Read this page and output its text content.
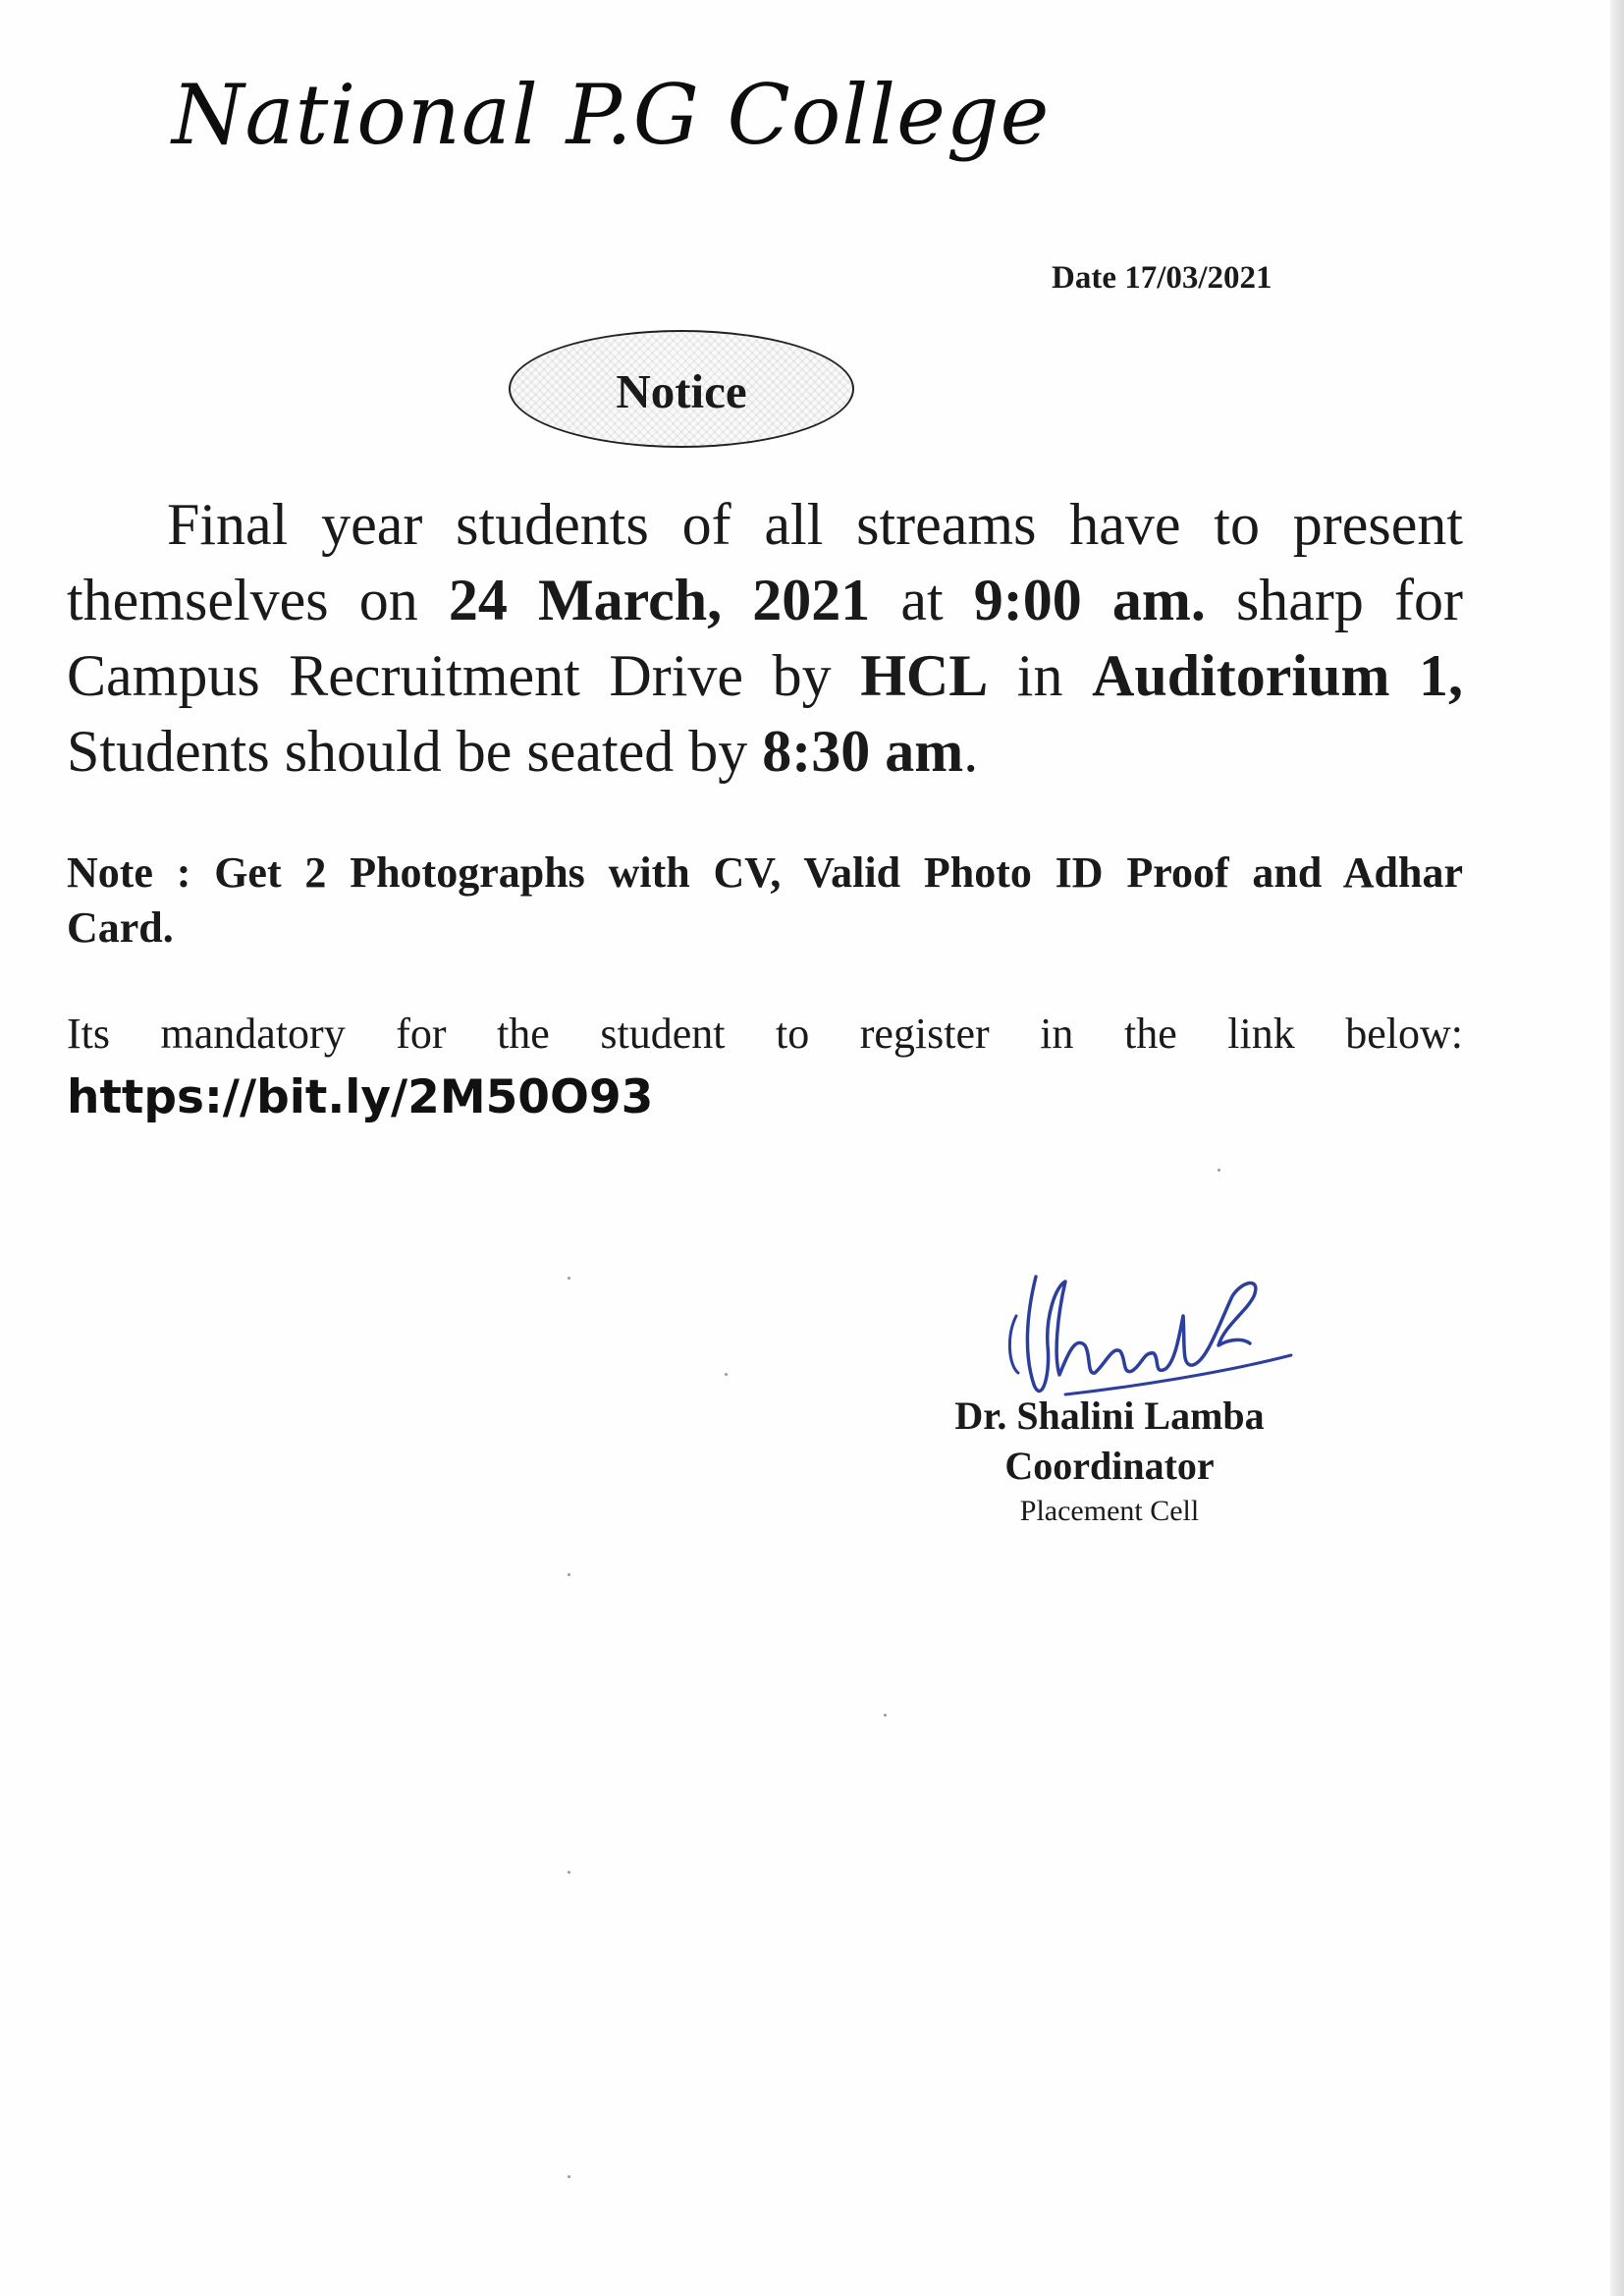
National P.G College
Date 17/03/2021
Notice
Final year students of all streams have to present themselves on 24 March, 2021 at 9:00 am. sharp for Campus Recruitment Drive by HCL in Auditorium 1, Students should be seated by 8:30 am.
Note : Get 2 Photographs with CV, Valid Photo ID Proof and Adhar Card.
Its mandatory for the student to register in the link below:
https://bit.ly/2M50O93
Dr. Shalini Lamba
Coordinator
Placement Cell
